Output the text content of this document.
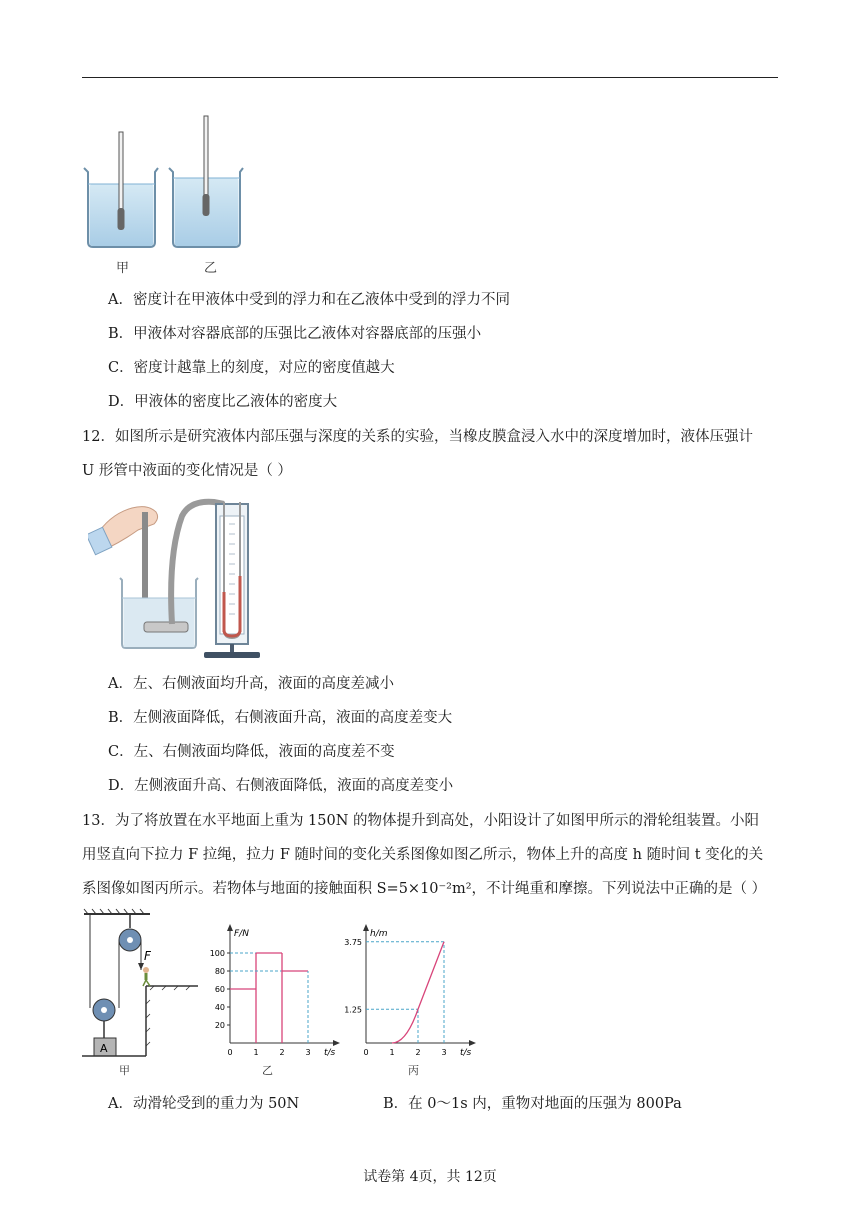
甲	乙
A．密度计在甲液体中受到的浮力和在乙液体中受到的浮力不同
B．甲液体对容器底部的压强比乙液体对容器底部的压强小
C．密度计越靠上的刻度，对应的密度值越大
D．甲液体的密度比乙液体的密度大
12．如图所示是研究液体内部压强与深度的关系的实验，当橡皮膜盒浸入水中的深度增加时，液体压强计
U 形管中液面的变化情况是（ ）
A．左、右侧液面均升高，液面的高度差减小
B．左侧液面降低，右侧液面升高，液面的高度差变大
C．左、右侧液面均降低，液面的高度差不变
D．左侧液面升高、右侧液面降低，液面的高度差变小
13．为了将放置在水平地面上重为 150N 的物体提升到高处，小阳设计了如图甲所示的滑轮组装置。小阳
用竖直向下拉力 F 拉绳，拉力 F 随时间的变化关系图像如图乙所示，物体上升的高度 h 随时间 t 变化的关
系图像如图丙所示。若物体与地面的接触面积 S=5×10⁻²m²，不计绳重和摩擦。下列说法中正确的是（ ）
F
A
甲
F/N
t/s
100
80
60
40
20
0	1	2	3
乙
h/m
t/s
3.75
1.25
0	1	2	3
丙
A．动滑轮受到的重力为 50N	B．在 0～1s 内，重物对地面的压强为 800Pa
试卷第 4页，共 12页
